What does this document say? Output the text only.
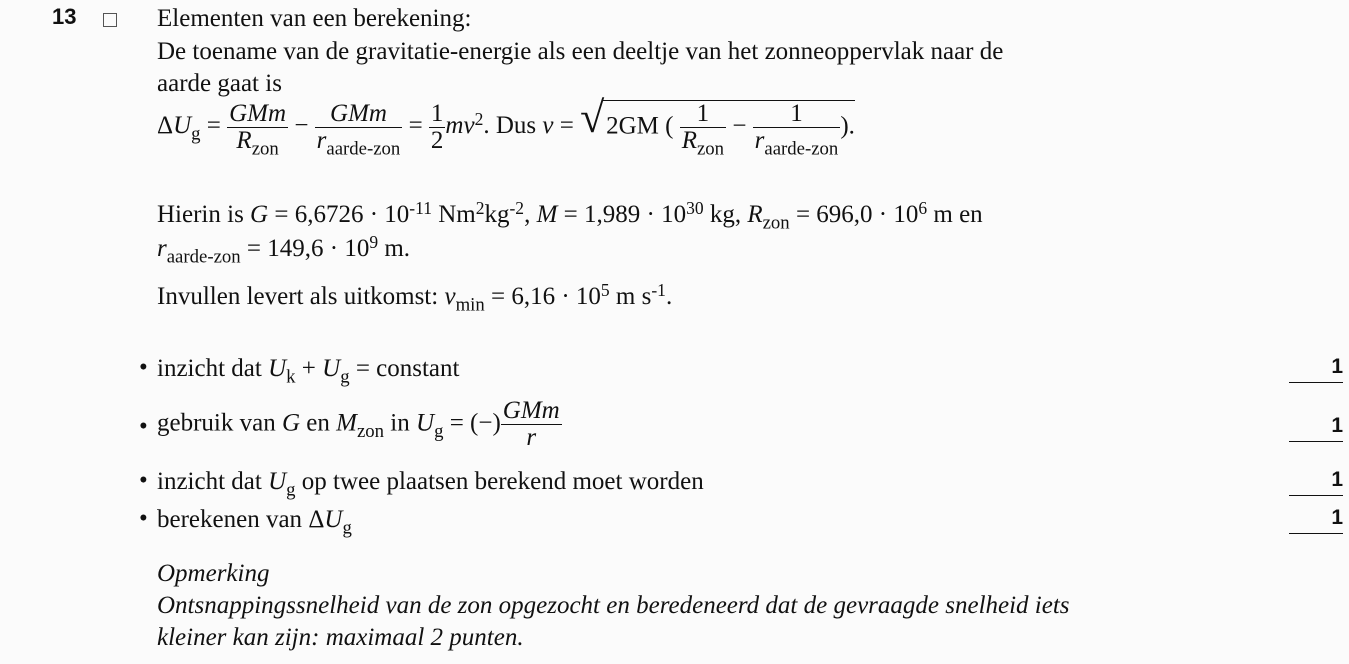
13	Elementen van een berekening:
De toename van de gravitatie-energie als een deeltje van het zonneoppervlak naar de
aarde gaat is
$\Delta U_g = \frac{\text{GMm}}{R_{zon}} - \frac{\text{GMm}}{r_{aarde-zon}} = \frac{1}{2} mv^2$. Dus v = √ 2GM ( $\frac{1}{R_{zon}} - \frac{1}{r_{aarde-zon}}$ ).
Hierin is $G = 6,6726 \cdot 10^{-11}$ $Nm^2kg^{-2}$, $M = 1,989 \cdot 10^{30}$ kg, $R_{zon} = 696,0 \cdot 10^6$ m en
$r_{aarde-zon} = 149,6 \cdot 10^9$ m.
Invullen levert als uitkomst: $v_{min} = 6,16 \cdot 10^5$ m $s^{-1}$.
• inzicht dat $U_k + U_g$ = constant	1
• gebruik van G en $M_{zon}$ in $U_g$ = (−) $\frac{\text{GMm}}{r}$	1
• inzicht dat $U_g$ op twee plaatsen berekend moet worden	1
• berekenen van $\Delta U_g$	1
Opmerking
Ontsnappingssnelheid van de zon opgezocht en beredeneerd dat de gevraagde snelheid iets
kleiner kan zijn: maximaal 2 punten.
